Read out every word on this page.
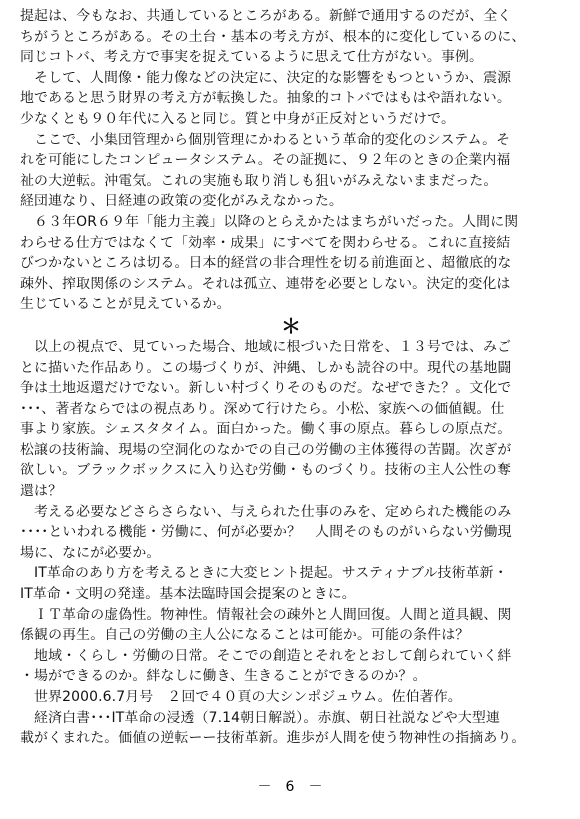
提起は、今もなお、共通しているところがある。新鮮で通用するのだが、全く
ちがうところがある。その土台・基本の考え方が、根本的に変化しているのに、
同じコトバ、考え方で事実を捉えているように思えて仕方がない。事例。
　そして、人間像・能力像などの決定に、決定的な影響をもつというか、震源
地であると思う財界の考え方が転換した。抽象的コトバではもはや語れない。
少なくとも９０年代に入ると同じ。質と中身が正反対というだけで。
　ここで、小集団管理から個別管理にかわるという革命的変化のシステム。そ
れを可能にしたコンピュータシステム。その証拠に、９２年のときの企業内福
祉の大逆転。沖電気。これの実施も取り消しも狙いがみえないままだった。
経団連なり、日経連の政策の変化がみえなかった。
　６３年OR６９年「能力主義」以降のとらえかたはまちがいだった。人間に関
わらせる仕方ではなくて「効率・成果」にすべてを関わらせる。これに直接結
びつかないところは切る。日本的経営の非合理性を切る前進面と、超徹底的な
疎外、搾取関係のシステム。それは孤立、連帯を必要としない。決定的変化は
生じていることが見えているか。
＊
　以上の視点で、見ていった場合、地域に根づいた日常を、１３号では、みご
とに描いた作品あり。この場づくりが、沖縄、しかも読谷の中。現代の基地闘
争は土地返還だけでない。新しい村づくりそのものだ。なぜできた？。文化で
･･･、著者ならではの視点あり。深めて行けたら。小松、家族への価値観。仕
事より家族。シェスタタイム。面白かった。働く事の原点。暮らしの原点だ。
松譲の技術論、現場の空洞化のなかでの自己の労働の主体獲得の苦闘。次ぎが
欲しい。ブラックボックスに入り込む労働・ものづくり。技術の主人公性の奪
還は？
　考える必要などさらさらない、与えられた仕事のみを、定められた機能のみ
････といわれる機能・労働に、何が必要か？　人間そのものがいらない労働現
場に、なにが必要か。
　IT革命のあり方を考えるときに大変ヒント提起。サスティナブル技術革新・
IT革命・文明の発達。基本法臨時国会提案のときに。
　ＩＴ革命の虚偽性。物神性。情報社会の疎外と人間回復。人間と道具観、関
係観の再生。自己の労働の主人公になることは可能か。可能の条件は？
　地域・くらし・労働の日常。そこでの創造とそれをとおして創られていく絆
・場ができるのか。絆なしに働き、生きることができるのか？。
　世界2000.6.7月号　２回で４０頁の大シンポジュウム。佐伯著作。
　経済白書･･･IT革命の浸透（7.14朝日解説）。赤旗、朝日社説などや大型連
載がくまれた。価値の逆転ーー技術革新。進歩が人間を使う物神性の指摘あり。
－　6　－
